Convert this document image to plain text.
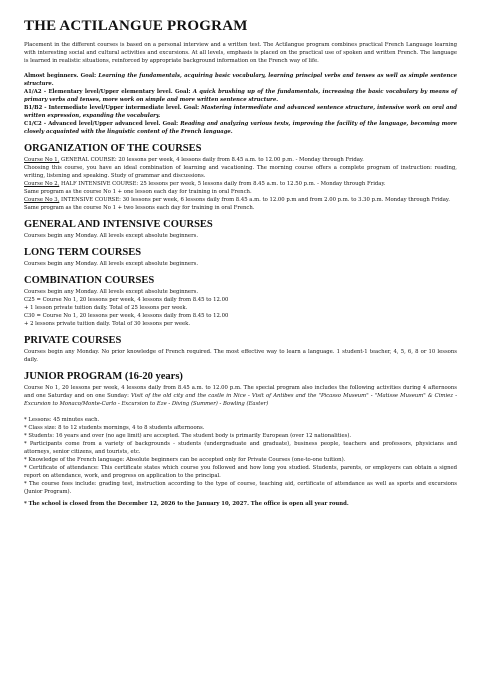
THE ACTILANGUE PROGRAM

Placement in the different courses is based on a personal interview and a written test. The Actilangue program combines practical French Language learning with interesting social and cultural activities and excursions. At all levels, emphasis is placed on the practical use of spoken and written French. The language is learned in realistic situations, reinforced by appropriate background information on the French way of life.

Almost beginners. Goal: Learning the fundamentals, acquiring basic vocabulary, learning principal verbs and tenses as well as simple sentence structure.

A1/A2 - Elementary level/Upper elementary level. Goal: A quick brushing up of the fundamentals, increasing the basic vocabulary by means of primary verbs and tenses, more work on simple and more written sentence structure.

B1/B2 - Intermediate level/Upper intermediate level. Goal: Mastering intermediate and advanced sentence structure, intensive work on oral and written expression, expanding the vocabulary.

C1/C2 - Advanced level/Upper advanced level. Goal: Reading and analyzing various texts, improving the facility of the language, becoming more closely acquainted with the linguistic content of the French language.

ORGANIZATION OF THE COURSES

Course No 1, GENERAL COURSE: 20 lessons per week, 4 lessons daily from 8.45 a.m. to 12.00 p.m. - Monday through Friday.

Choosing this course, you have an ideal combination of learning and vacationing. The morning course offers a complete program of instruction: reading, writing, listening and speaking. Study of grammar and discussions.

Course No 2, HALF INTENSIVE COURSE: 25 lessons per week, 5 lessons daily from 8.45 a.m. to 12.50 p.m. - Monday through Friday.

Same program as the course No 1 + one lesson each day for training in oral French.

Course No 3, INTENSIVE COURSE: 30 lessons per week, 6 lessons daily from 8.45 a.m. to 12.00 p.m and from 2.00 p.m. to 3.30 p.m. Monday through Friday.

Same program as the course No 1 + two lessons each day for training in oral French.

GENERAL AND INTENSIVE COURSES

Courses begin any Monday. All levels except absolute beginners.

LONG TERM COURSES

Courses begin any Monday. All levels except absolute beginners.

COMBINATION COURSES

Courses begin any Monday. All levels except absolute beginners.

C25 = Course No 1, 20 lessons per week, 4 lessons daily from 8.45 to 12.00

+ 1 lesson private tuition daily. Total of 25 lessons per week.

C30 = Course No 1, 20 lessons per week, 4 lessons daily from 8.45 to 12.00

+ 2 lessons private tuition daily. Total of 30 lessons per week.

PRIVATE COURSES

Courses begin any Monday. No prior knowledge of French required. The most effective way to learn a language. 1 student-1 teacher, 4, 5, 6, 8 or 10 lessons daily.

JUNIOR PROGRAM (16-20 years)

Course No 1, 20 lessons per week, 4 lessons daily from 8.45 a.m. to 12.00 p.m. The special program also includes the following activities during 4 afternoons and one Saturday and on one Sunday: Visit of the old city and the castle in Nice - Visit of Antibes and the "Picasso Museum" - "Matisse Museum" & Cimiez - Excursion to Monaco/Monte-Carlo - Excursion to Eze - Diving (Summer) - Bowling (Easter)

* Lessons: 45 minutes each.

* Class size: 8 to 12 students mornings, 4 to 8 students afternoons.

* Students: 16 years and over (no age limit) are accepted. The student body is primarily European (over 12 nationalities).

* Participants come from a variety of backgrounds - students (undergraduate and graduate), business people, teachers and professors, physicians and attorneys, senior citizens, and tourists, etc.

* Knowledge of the French language: Absolute beginners can be accepted only for Private Courses (one-to-one tuition).

* Certificate of attendance: This certificate states which course you followed and how long you studied. Students, parents, or employers can obtain a signed report on attendance, work, and progress on application to the principal.

* The course fees include: grading test, instruction according to the type of course, teaching aid, certificate of attendance as well as sports and excursions (Junior Program).

* The school is closed from the December 12, 2026 to the January 10, 2027. The office is open all year round.
